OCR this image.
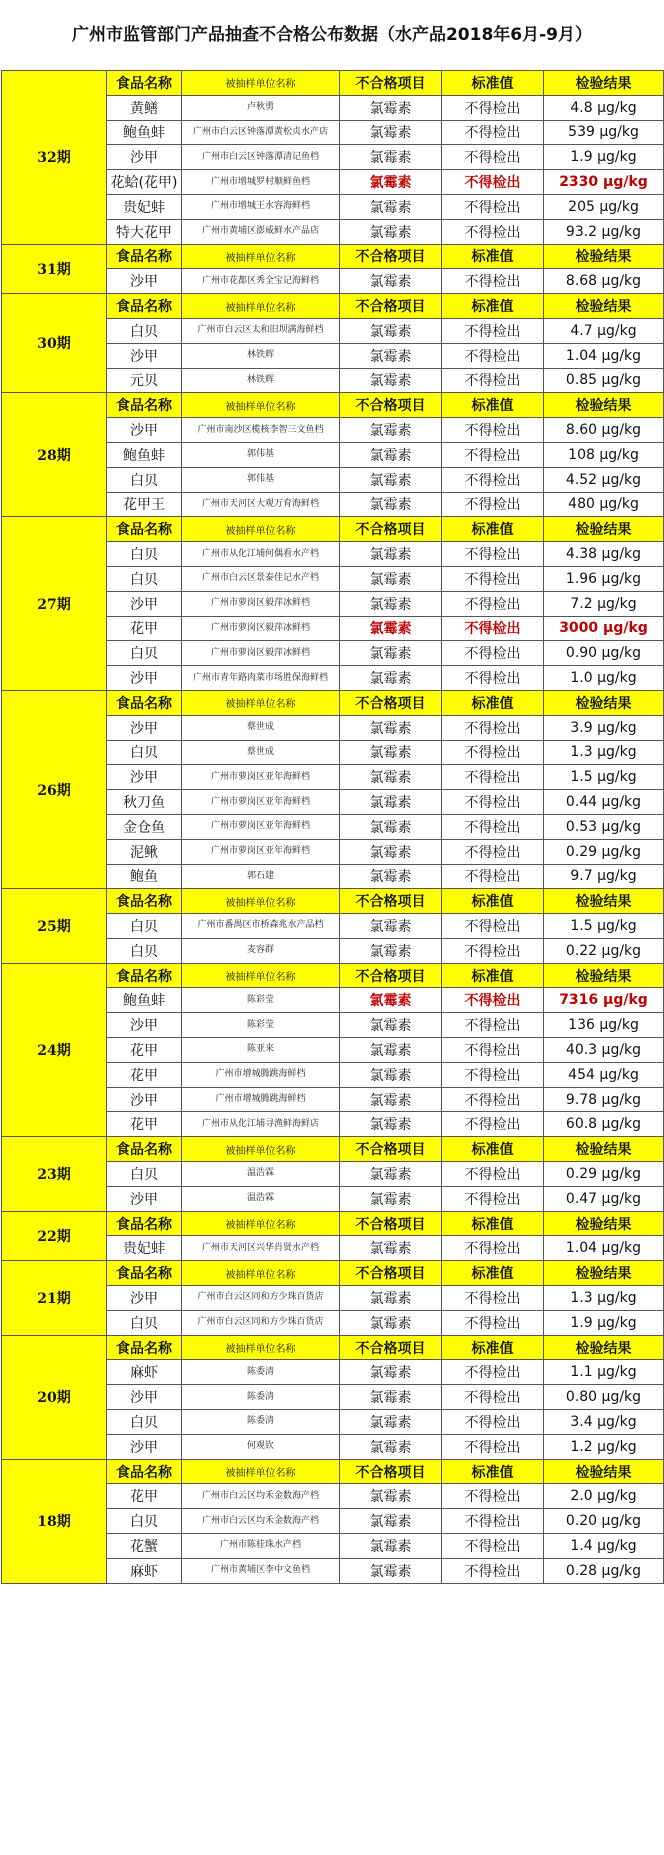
广州市监管部门产品抽查不合格公布数据（水产品2018年6月-9月）
32期	食品名称	被抽样单位名称	不合格项目	标准值	检验结果
	黄鳝	卢秋勇	氯霉素	不得检出	4.8 μg/kg
	鲍鱼蚌	广州市白云区钟落潭黄松贞水产店	氯霉素	不得检出	539 μg/kg
	沙甲	广州市白云区钟落潭清记鱼档	氯霉素	不得检出	1.9 μg/kg
	花蛤(花甲)	广州市增城罗村顺鲜鱼档	氯霉素	不得检出	2330 μg/kg
	贵妃蚌	广州市增城王水容海鲜档	氯霉素	不得检出	205 μg/kg
	特大花甲	广州市黄埔区澎威鲜水产品店	氯霉素	不得检出	93.2 μg/kg
31期	食品名称	被抽样单位名称	不合格项目	标准值	检验结果
	沙甲	广州市花都区秀全宝记海鲜档	氯霉素	不得检出	8.68 μg/kg
30期	食品名称	被抽样单位名称	不合格项目	标准值	检验结果
	白贝	广州市白云区太和旧坝满海鲜档	氯霉素	不得检出	4.7 μg/kg
	沙甲	林铁辉	氯霉素	不得检出	1.04 μg/kg
	元贝	林铁辉	氯霉素	不得检出	0.85 μg/kg
28期	食品名称	被抽样单位名称	不合格项目	标准值	检验结果
	沙甲	广州市南沙区榄核李智三文鱼档	氯霉素	不得检出	8.60 μg/kg
	鲍鱼蚌	郭伟基	氯霉素	不得检出	108 μg/kg
	白贝	郭伟基	氯霉素	不得检出	4.52 μg/kg
	花甲王	广州市天河区大观万育海鲜档	氯霉素	不得检出	480 μg/kg
27期	食品名称	被抽样单位名称	不合格项目	标准值	检验结果
	白贝	广州市从化江埔何偶看水产档	氯霉素	不得检出	4.38 μg/kg
	白贝	广州市白云区景泰佳记水产档	氯霉素	不得检出	1.96 μg/kg
	沙甲	广州市萝岗区毅萍冰鲜档	氯霉素	不得检出	7.2 μg/kg
	花甲	广州市萝岗区毅萍冰鲜档	氯霉素	不得检出	3000 μg/kg
	白贝	广州市萝岗区毅萍冰鲜档	氯霉素	不得检出	0.90 μg/kg
	沙甲	广州市青年路肉菜市场胜保海鲜档	氯霉素	不得检出	1.0 μg/kg
26期	食品名称	被抽样单位名称	不合格项目	标准值	检验结果
	沙甲	蔡世成	氯霉素	不得检出	3.9 μg/kg
	白贝	蔡世成	氯霉素	不得检出	1.3 μg/kg
	沙甲	广州市萝岗区亚年海鲜档	氯霉素	不得检出	1.5 μg/kg
	秋刀鱼	广州市萝岗区亚年海鲜档	氯霉素	不得检出	0.44 μg/kg
	金仓鱼	广州市萝岗区亚年海鲜档	氯霉素	不得检出	0.53 μg/kg
	泥鳅	广州市萝岗区亚年海鲜档	氯霉素	不得检出	0.29 μg/kg
	鲍鱼	郭石建	氯霉素	不得检出	9.7 μg/kg
25期	食品名称	被抽样单位名称	不合格项目	标准值	检验结果
	白贝	广州市番禺区市桥森兆水产品档	氯霉素	不得检出	1.5 μg/kg
	白贝	麦容群	氯霉素	不得检出	0.22 μg/kg
24期	食品名称	被抽样单位名称	不合格项目	标准值	检验结果
	鲍鱼蚌	陈彩莹	氯霉素	不得检出	7316 μg/kg
	沙甲	陈彩莹	氯霉素	不得检出	136 μg/kg
	花甲	陈亚来	氯霉素	不得检出	40.3 μg/kg
	花甲	广州市增城腾跳海鲜档	氯霉素	不得检出	454 μg/kg
	沙甲	广州市增城腾跳海鲜档	氯霉素	不得检出	9.78 μg/kg
	花甲	广州市从化江埔寻渔鲜海鲜店	氯霉素	不得检出	60.8 μg/kg
23期	食品名称	被抽样单位名称	不合格项目	标准值	检验结果
	白贝	温浩霖	氯霉素	不得检出	0.29 μg/kg
	沙甲	温浩霖	氯霉素	不得检出	0.47 μg/kg
22期	食品名称	被抽样单位名称	不合格项目	标准值	检验结果
	贵妃蚌	广州市天河区兴华肖贤水产档	氯霉素	不得检出	1.04 μg/kg
21期	食品名称	被抽样单位名称	不合格项目	标准值	检验结果
	沙甲	广州市白云区同和方少珠百货店	氯霉素	不得检出	1.3 μg/kg
	白贝	广州市白云区同和方少珠百货店	氯霉素	不得检出	1.9 μg/kg
20期	食品名称	被抽样单位名称	不合格项目	标准值	检验结果
	麻虾	陈委清	氯霉素	不得检出	1.1 μg/kg
	沙甲	陈委清	氯霉素	不得检出	0.80 μg/kg
	白贝	陈委清	氯霉素	不得检出	3.4 μg/kg
	沙甲	何观钦	氯霉素	不得检出	1.2 μg/kg
18期	食品名称	被抽样单位名称	不合格项目	标准值	检验结果
	花甲	广州市白云区均禾金数海产档	氯霉素	不得检出	2.0 μg/kg
	白贝	广州市白云区均禾金数海产档	氯霉素	不得检出	0.20 μg/kg
	花蟹	广州市陈桂珠水产档	氯霉素	不得检出	1.4 μg/kg
	麻虾	广州市黄埔区李中文鱼档	氯霉素	不得检出	0.28 μg/kg
